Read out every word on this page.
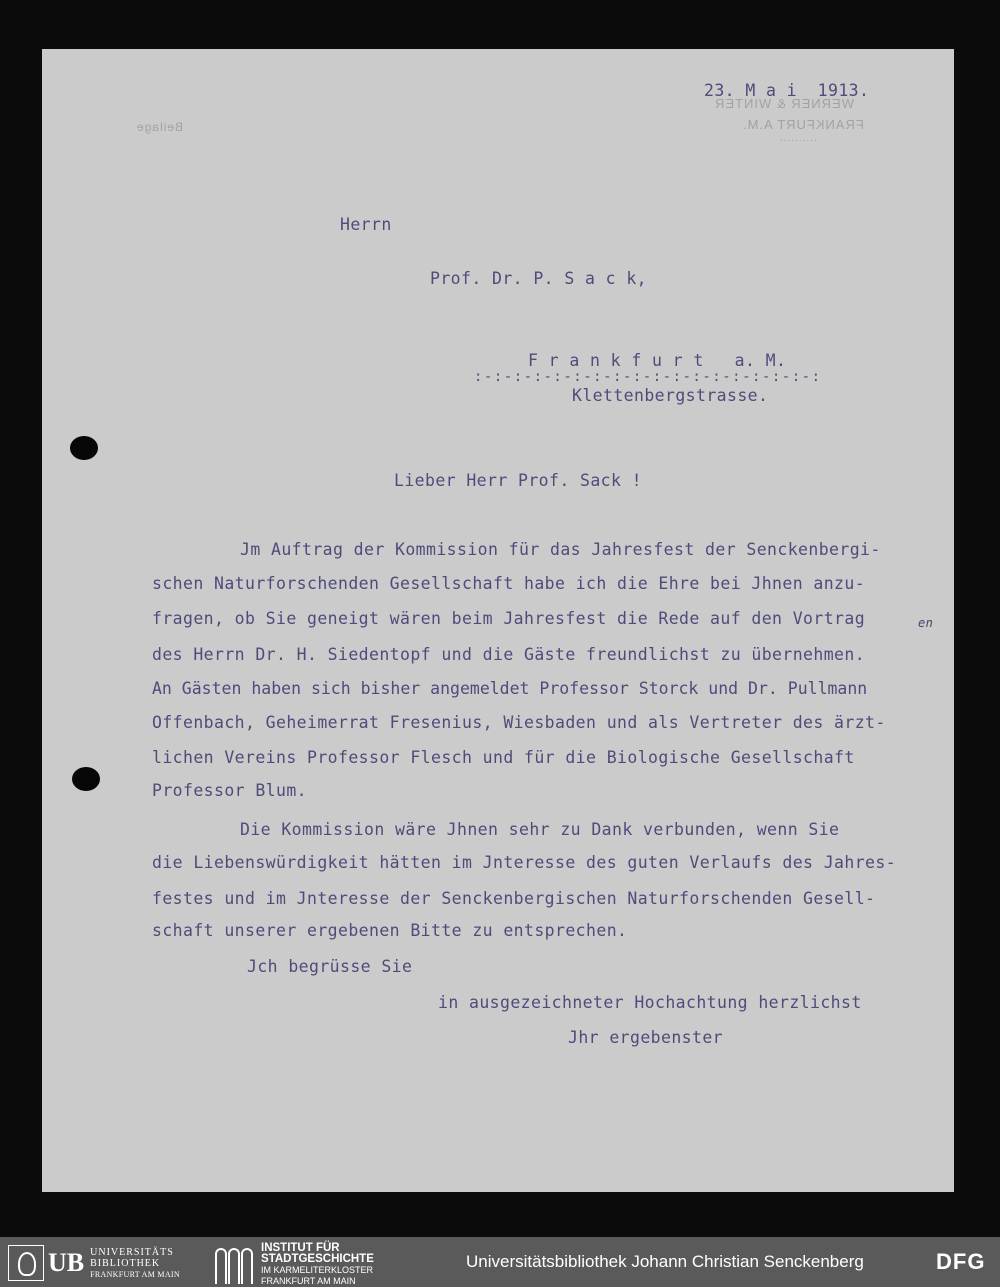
WERNER & WINTER
FRANKFURT A.M.
..........
Beilage
23. M a i  1913.
Herrn
Prof. Dr. P. S a c k,
F r a n k f u r t   a. M.
:-:-:-:-:-:-:-:-:-:-:-:-:-:-:-:-:-:
Klettenbergstrasse.
Lieber Herr Prof. Sack !
Jm Auftrag der Kommission für das Jahresfest der Senckenbergi-
schen Naturforschenden Gesellschaft habe ich die Ehre bei Jhnen anzu-
fragen, ob Sie geneigt wären beim Jahresfest die Rede auf den Vortrag	en
des Herrn Dr. H. Siedentopf und die Gäste freundlichst zu übernehmen.
An Gästen haben sich bisher angemeldet Professor Storck und Dr. Pullmann
Offenbach, Geheimerrat Fresenius, Wiesbaden und als Vertreter des ärzt-
lichen Vereins Professor Flesch und für die Biologische Gesellschaft
Professor Blum.
Die Kommission wäre Jhnen sehr zu Dank verbunden, wenn Sie
die Liebenswürdigkeit hätten im Jnteresse des guten Verlaufs des Jahres-
festes und im Jnteresse der Senckenbergischen Naturforschenden Gesell-
schaft unserer ergebenen Bitte zu entsprechen.
Jch begrüsse Sie
in ausgezeichneter Hochachtung herzlichst
Jhr ergebenster
UB UNIVERSITÄTS
BIBLIOTHEK
FRANKFURT AM MAIN
INSTITUT FÜR
STADTGESCHICHTE
IM KARMELITERKLOSTER
FRANKFURT AM MAIN
Universitätsbibliothek Johann Christian Senckenberg	DFG
